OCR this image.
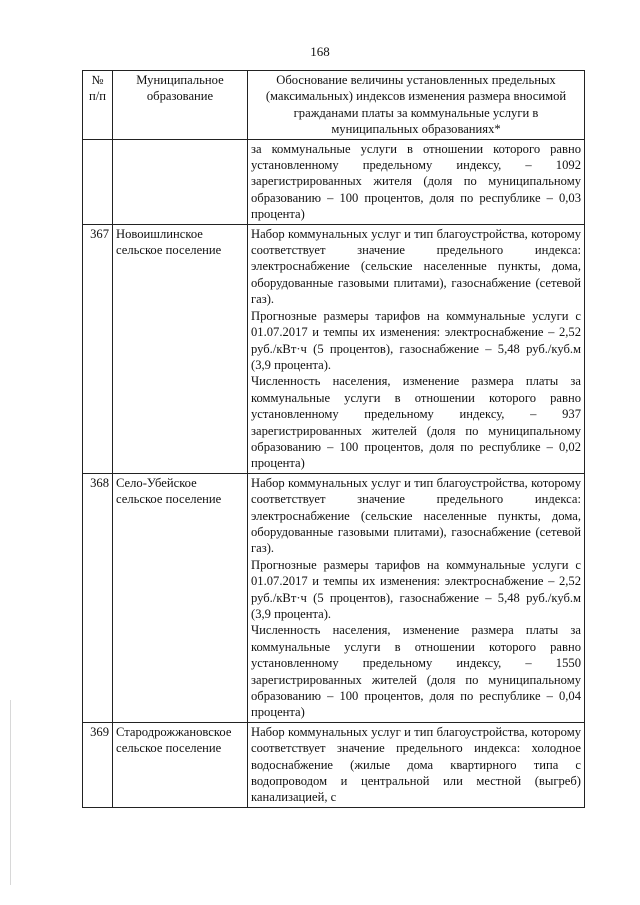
168
№ п/п	Муниципальное образование	Обоснование величины установленных предельных (максимальных) индексов изменения размера вносимой гражданами платы за коммунальные услуги в муниципальных образованиях*

		за коммунальные услуги в отношении которого равно установленному предельному индексу, – 1092 зарегистрированных жителя (доля по муниципальному образованию – 100 процентов, доля по республике – 0,03 процента)

367	Новоишлинское сельское поселение	Набор коммунальных услуг и тип благоустройства, которому соответствует значение предельного индекса: электроснабжение (сельские населенные пункты, дома, оборудованные газовыми плитами), газоснабжение (сетевой газ).

Прогнозные размеры тарифов на коммунальные услуги с 01.07.2017 и темпы их изменения: электроснабжение – 2,52 руб./кВт·ч (5 процентов), газоснабжение – 5,48 руб./куб.м (3,9 процента).

Численность населения, изменение размера платы за коммунальные услуги в отношении которого равно установленному предельному индексу, – 937 зарегистрированных жителей (доля по муниципальному образованию – 100 процентов, доля по республике – 0,02 процента)

368	Село-Убейское сельское поселение	Набор коммунальных услуг и тип благоустройства, которому соответствует значение предельного индекса: электроснабжение (сельские населенные пункты, дома, оборудованные газовыми плитами), газоснабжение (сетевой газ).

Прогнозные размеры тарифов на коммунальные услуги с 01.07.2017 и темпы их изменения: электроснабжение – 2,52 руб./кВт·ч (5 процентов), газоснабжение – 5,48 руб./куб.м (3,9 процента).

Численность населения, изменение размера платы за коммунальные услуги в отношении которого равно установленному предельному индексу, – 1550 зарегистрированных жителей (доля по муниципальному образованию – 100 процентов, доля по республике – 0,04 процента)

369	Стародрожжановское сельское поселение	Набор коммунальных услуг и тип благоустройства, которому соответствует значение предельного индекса: холодное водоснабжение (жилые дома квартирного типа с водопроводом и центральной или местной (выгреб) канализацией, с
